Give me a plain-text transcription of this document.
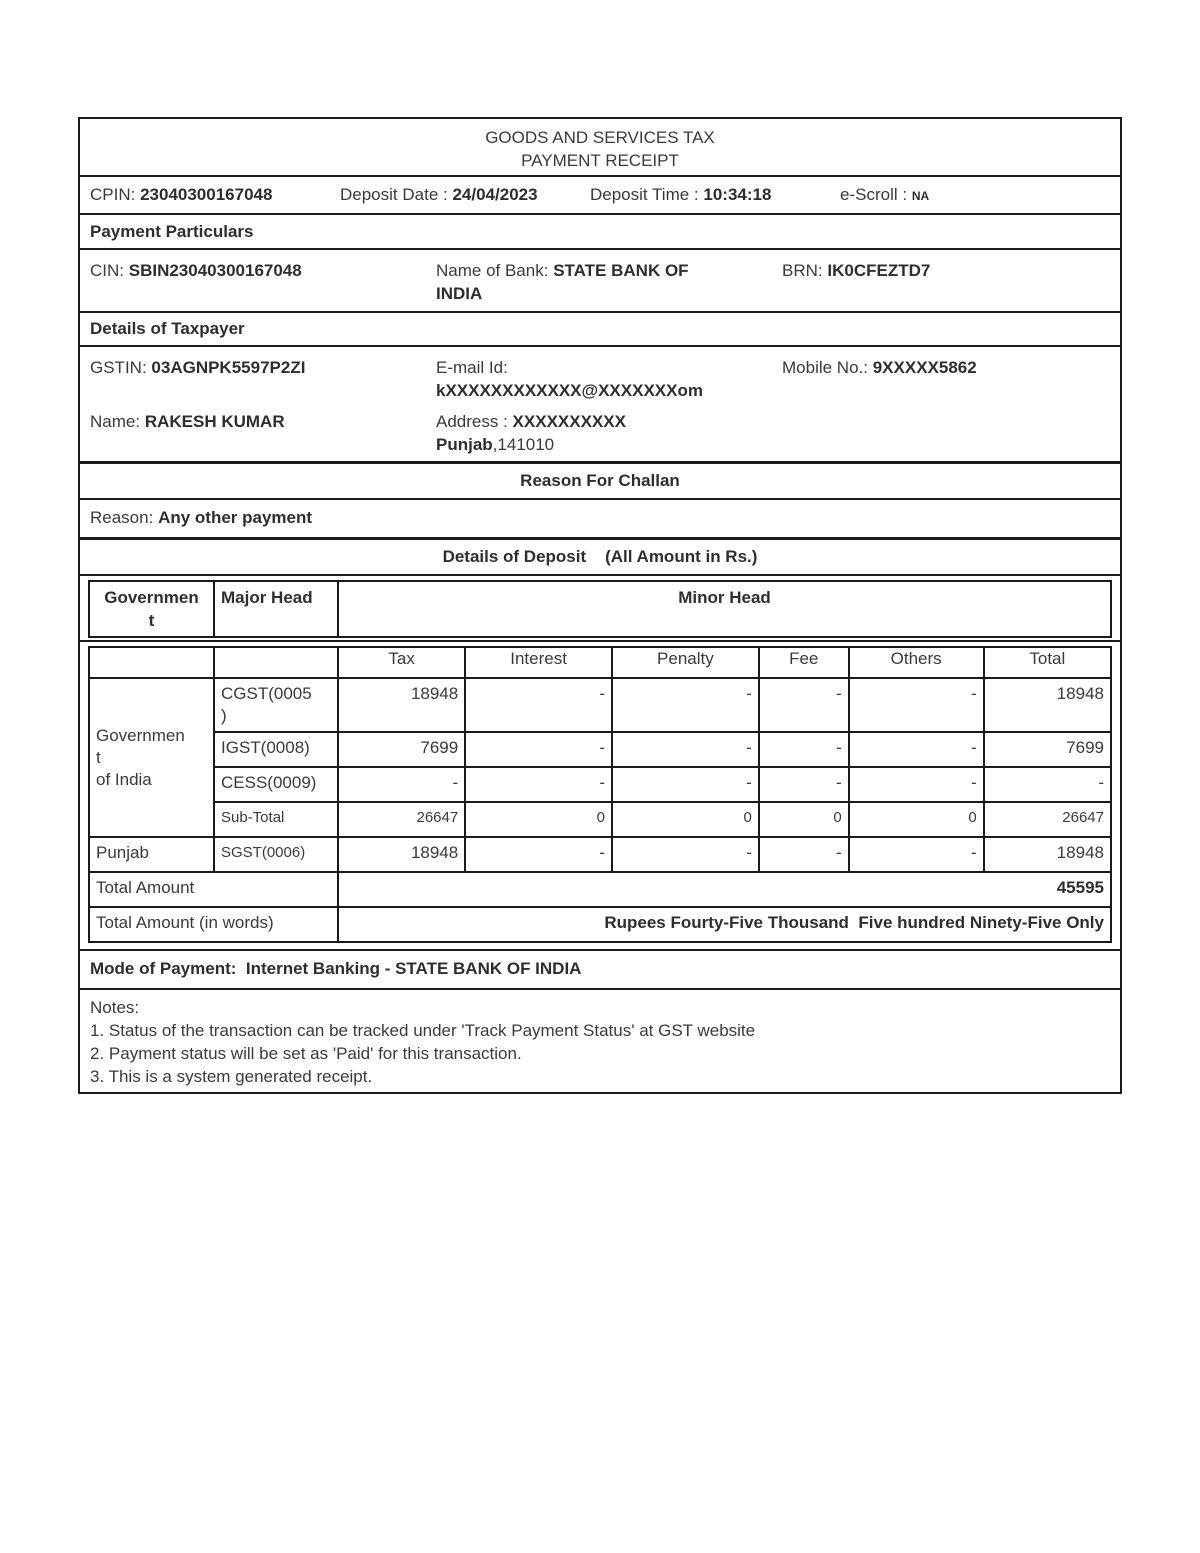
GOODS AND SERVICES TAX
PAYMENT RECEIPT
CPIN: 23040300167048	Deposit Date : 24/04/2023	Deposit Time : 10:34:18	e-Scroll : NA
Payment Particulars
CIN: SBIN23040300167048	Name of Bank: STATE BANK OF
INDIA
BRN: IK0CFEZTD7
Details of Taxpayer
GSTIN: 03AGNPK5597P2ZI	E-mail Id:
kXXXXXXXXXXXX@XXXXXXXom
Mobile No.: 9XXXXX5862
Name: RAKESH KUMAR	Address : XXXXXXXXXX
Punjab,141010
Reason For Challan
Reason: Any other payment
Details of Deposit (All Amount in Rs.)
Governmen
t	Major Head	Minor Head
		Tax	Interest	Penalty	Fee	Others	Total
Governmen
t
of India	CGST(0005
)	18948	-	-	-	-	18948
	IGST(0008)	7699	-	-	-	-	7699
	CESS(0009)	-	-	-	-	-	-
	Sub-Total	26647	0	0	0	0	26647
Punjab	SGST(0006)	18948	-	-	-	-	18948
Total Amount		45595					
Total Amount (in words)		Rupees Fourty-Five Thousand  Five hundred Ninety-Five Only					
Mode of Payment: Internet Banking - STATE BANK OF INDIA
Notes:
1. Status of the transaction can be tracked under 'Track Payment Status' at GST website
2. Payment status will be set as 'Paid' for this transaction.
3. This is a system generated receipt.
